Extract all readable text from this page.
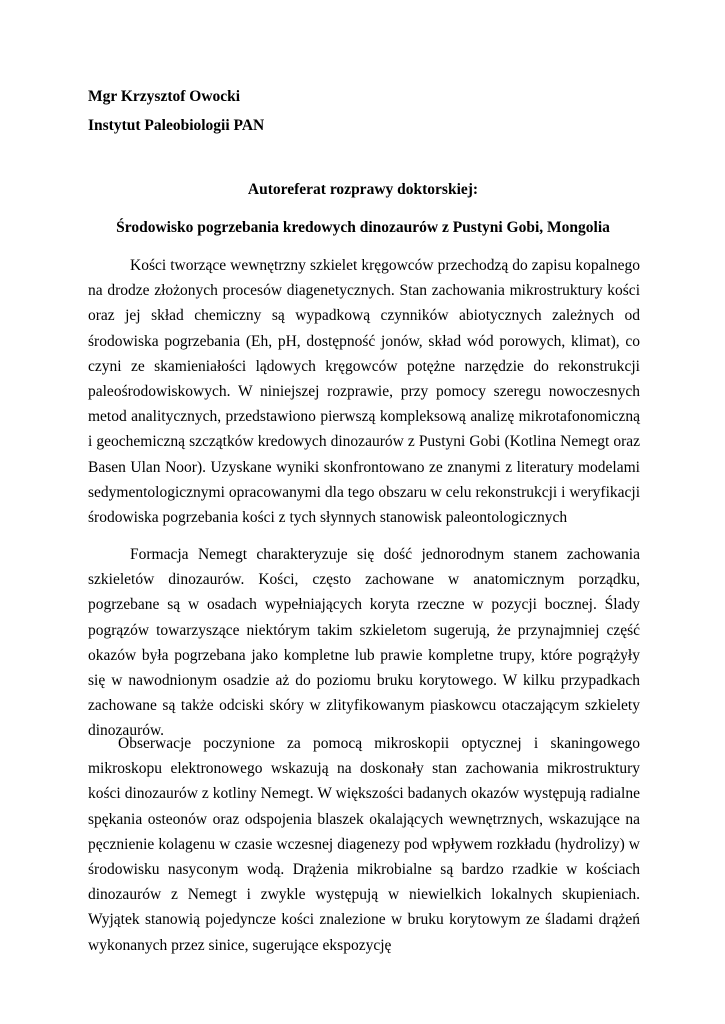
Mgr Krzysztof Owocki
Instytut Paleobiologii PAN
Autoreferat rozprawy doktorskiej:
Środowisko pogrzebania kredowych dinozaurów z Pustyni Gobi, Mongolia

Kości tworzące wewnętrzny szkielet kręgowców przechodzą do zapisu kopalnego na drodze złożonych procesów diagenetycznych. Stan zachowania mikrostruktury kości oraz jej skład chemiczny są wypadkową czynników abiotycznych zależnych od środowiska pogrzebania (Eh, pH, dostępność jonów, skład wód porowych, klimat), co czyni ze skamieniałości lądowych kręgowców potężne narzędzie do rekonstrukcji paleośrodowiskowych. W niniejszej rozprawie, przy pomocy szeregu nowoczesnych metod analitycznych, przedstawiono pierwszą kompleksową analizę mikrotafonomiczną i geochemiczną szczątków kredowych dinozaurów z Pustyni Gobi (Kotlina Nemegt oraz Basen Ulan Noor). Uzyskane wyniki skonfrontowano ze znanymi z literatury modelami sedymentologicznymi opracowanymi dla tego obszaru w celu rekonstrukcji i weryfikacji środowiska pogrzebania kości z tych słynnych stanowisk paleontologicznych

Formacja Nemegt charakteryzuje się dość jednorodnym stanem zachowania szkieletów dinozaurów. Kości, często zachowane w anatomicznym porządku, pogrzebane są w osadach wypełniających koryta rzeczne w pozycji bocznej. Ślady pogrązów towarzyszące niektórym takim szkieletom sugerują, że przynajmniej część okazów była pogrzebana jako kompletne lub prawie kompletne trupy, które pogrążyły się w nawodnionym osadzie aż do poziomu bruku korytowego. W kilku przypadkach zachowane są także odciski skóry w zlityfikowanym piaskowcu otaczającym szkielety dinozaurów.

Obserwacje poczynione za pomocą mikroskopii optycznej i skaningowego mikroskopu elektronowego wskazują na doskonały stan zachowania mikrostruktury kości dinozaurów z kotliny Nemegt. W większości badanych okazów występują radialne spękania osteonów oraz odspojenia blaszek okalających wewnętrznych, wskazujące na pęcznienie kolagenu w czasie wczesnej diagenezy pod wpływem rozkładu (hydrolizy) w środowisku nasyconym wodą. Drążenia mikrobialne są bardzo rzadkie w kościach dinozaurów z Nemegt i zwykle występują w niewielkich lokalnych skupieniach. Wyjątek stanowią pojedyncze kości znalezione w bruku korytowym ze śladami drążeń wykonanych przez sinice, sugerujące ekspozycję
